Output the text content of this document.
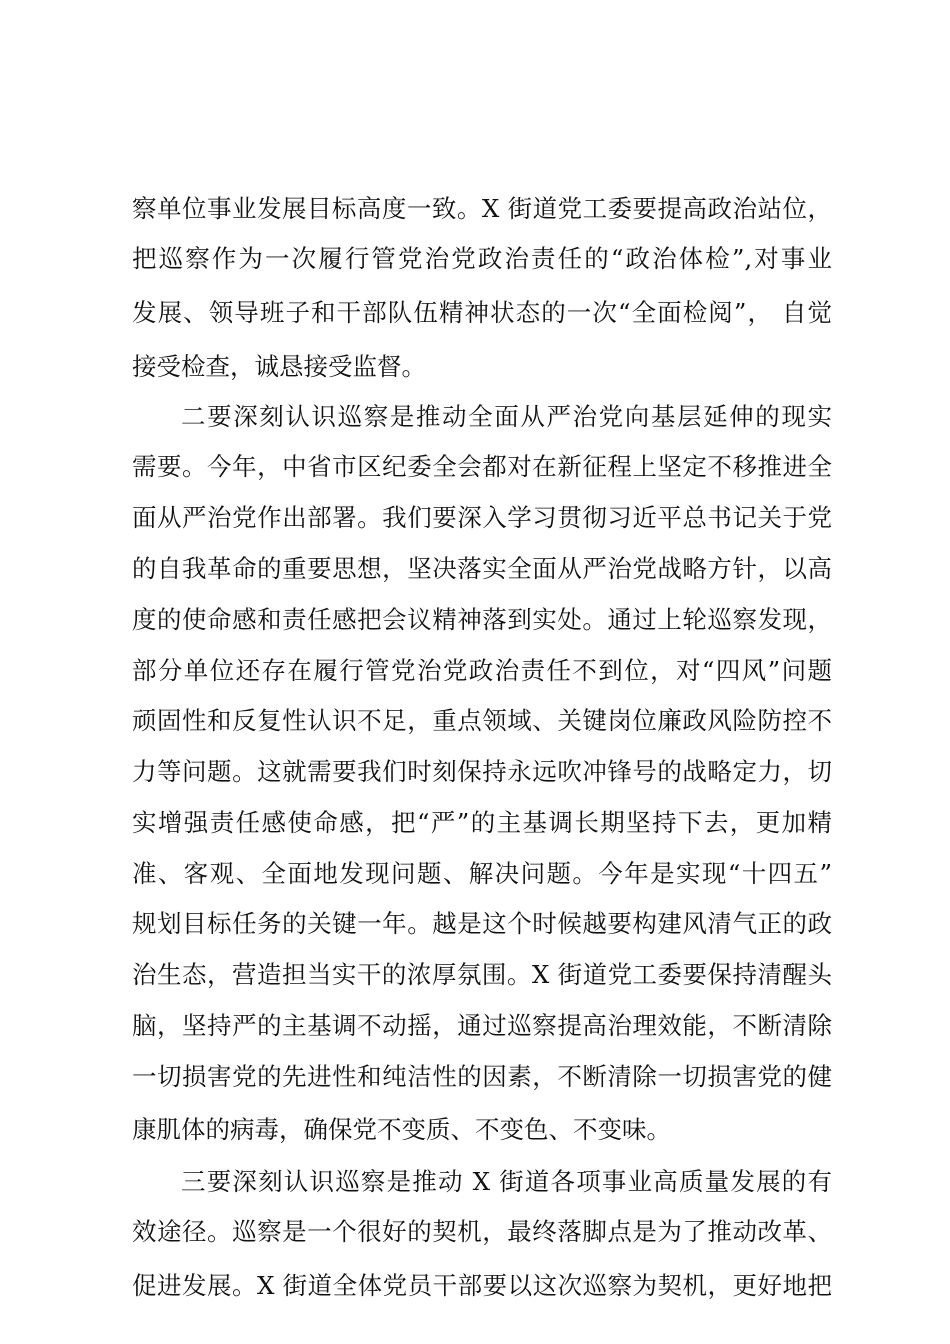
察单位事业发展目标高度一致。X 街道党工委要提高政治站位，
把巡察作为一次履行管党治党政治责任的“政治体检”,对事业
发展、领导班子和干部队伍精神状态的一次“全面检阅”， 自觉
接受检查，诚恳接受监督。
二要深刻认识巡察是推动全面从严治党向基层延伸的现实
需要。今年，中省市区纪委全会都对在新征程上坚定不移推进全
面从严治党作出部署。我们要深入学习贯彻习近平总书记关于党
的自我革命的重要思想，坚决落实全面从严治党战略方针，以高
度的使命感和责任感把会议精神落到实处。通过上轮巡察发现，
部分单位还存在履行管党治党政治责任不到位，对“四风”问题
顽固性和反复性认识不足，重点领域、关键岗位廉政风险防控不
力等问题。这就需要我们时刻保持永远吹冲锋号的战略定力，切
实增强责任感使命感，把“严”的主基调长期坚持下去，更加精
准、客观、全面地发现问题、解决问题。今年是实现“十四五”
规划目标任务的关键一年。越是这个时候越要构建风清气正的政
治生态，营造担当实干的浓厚氛围。X 街道党工委要保持清醒头
脑，坚持严的主基调不动摇，通过巡察提高治理效能，不断清除
一切损害党的先进性和纯洁性的因素，不断清除一切损害党的健
康肌体的病毒，确保党不变质、不变色、不变味。
三要深刻认识巡察是推动 X 街道各项事业高质量发展的有
效途径。巡察是一个很好的契机，最终落脚点是为了推动改革、
促进发展。X 街道全体党员干部要以这次巡察为契机，更好地把
